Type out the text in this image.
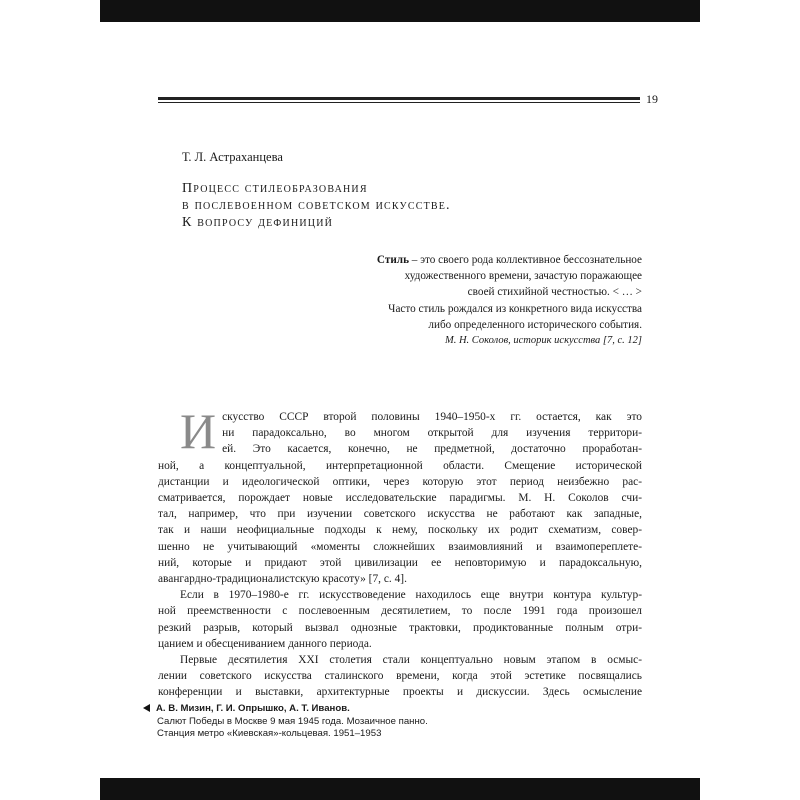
19
Т. Л. Астраханцева
Процесс стилеобразования
в послевоенном советском искусстве.
К вопросу дефиниций
Стиль – это своего рода коллективное бессознательное
художественного времени, зачастую поражающее
своей стихийной честностью. < … >
Часто стиль рождался из конкретного вида искусства
либо определенного исторического события.
М. Н. Соколов, историк искусства [7, с. 12]
И скусство СССР второй половины 1940–1950-х гг. остается, как это
ни парадоксально, во многом открытой для изучения территори-
ей. Это касается, конечно, не предметной, достаточно проработан-
ной, а концептуальной, интерпретационной области. Смещение исторической
дистанции и идеологической оптики, через которую этот период неизбежно рас-
сматривается, порождает новые исследовательские парадигмы. М. Н. Соколов счи-
тал, например, что при изучении советского искусства не работают как западные,
так и наши неофициальные подходы к нему, поскольку их родит схематизм, совер-
шенно не учитывающий «моменты сложнейших взаимовлияний и взаимопереплете-
ний, которые и придают этой цивилизации ее неповторимую и парадоксальную,
авангардно-традиционалистскую красоту» [7, с. 4].
Если в 1970–1980-е гг. искусствоведение находилось еще внутри контура культур-
ной преемственности с послевоенным десятилетием, то после 1991 года произошел
резкий разрыв, который вызвал однозные трактовки, продиктованные полным отри-
цанием и обесцениванием данного периода.
Первые десятилетия XXI столетия стали концептуально новым этапом в осмыс-
лении советского искусства сталинского времени, когда этой эстетике посвящались
конференции и выставки, архитектурные проекты и дискуссии. Здесь осмысление
А. В. Мизин, Г. И. Опрышко, А. Т. Иванов.
Салют Победы в Москве 9 мая 1945 года. Мозаичное панно.
Станция метро «Киевская»-кольцевая. 1951–1953
